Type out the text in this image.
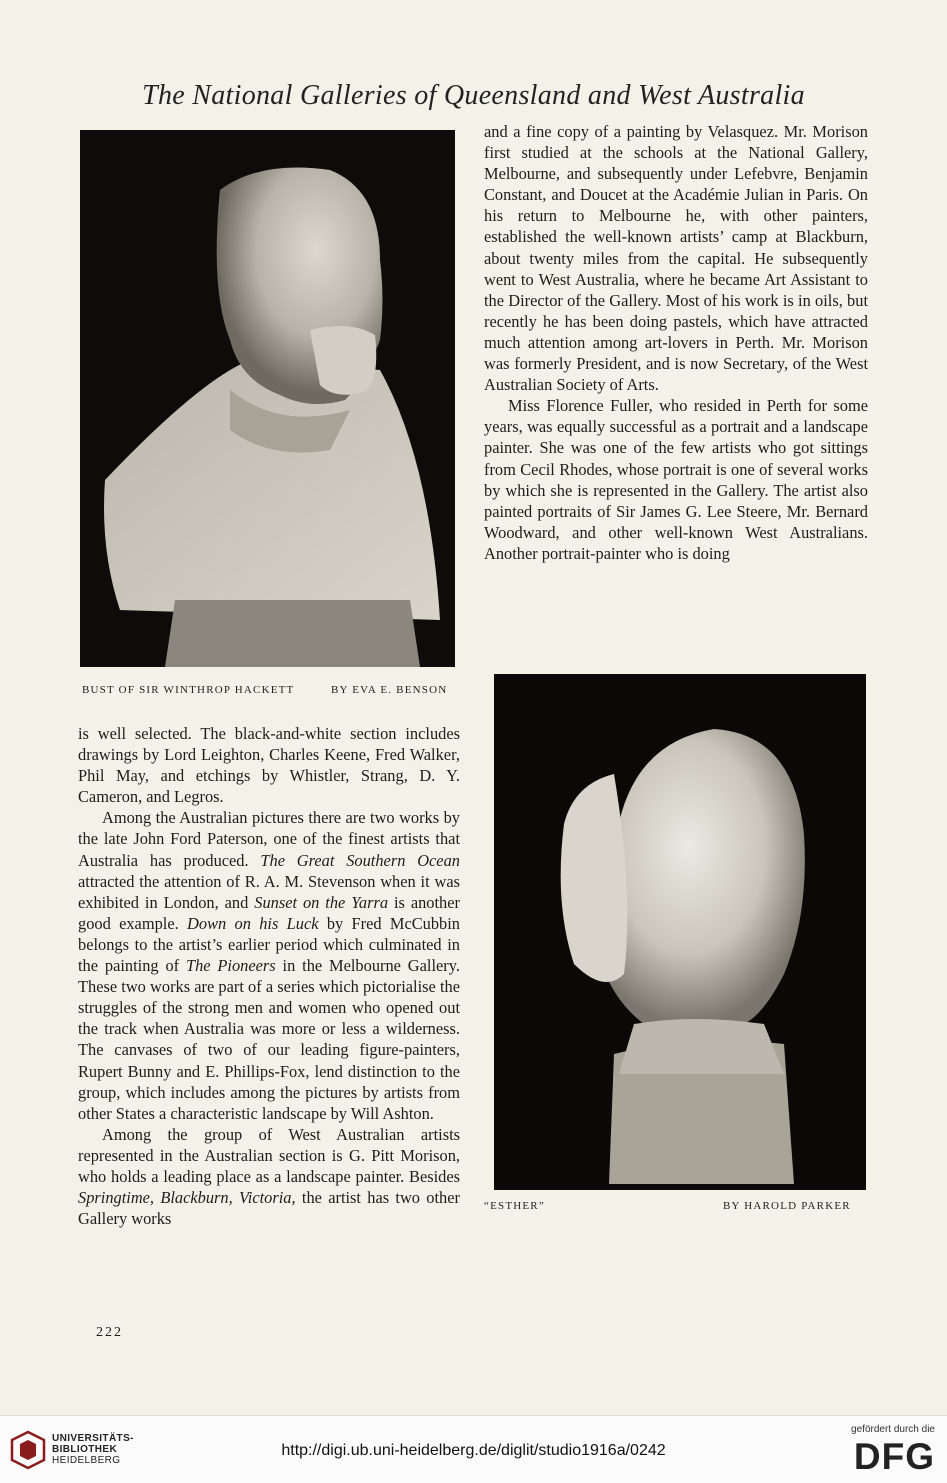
The National Galleries of Queensland and West Australia
BUST OF SIR WINTHROP HACKETT	BY EVA E. BENSON

and a fine copy of a painting by Velasquez. Mr. Morison first studied at the schools at the National Gallery, Melbourne, and subsequently under Lefebvre, Benjamin Constant, and Doucet at the Académie Julian in Paris. On his return to Melbourne he, with other painters, established the well-known artists’ camp at Blackburn, about twenty miles from the capital. He subsequently went to West Australia, where he became Art Assistant to the Director of the Gallery. Most of his work is in oils, but recently he has been doing pastels, which have attracted much attention among art-lovers in Perth. Mr. Morison was formerly President, and is now Secretary, of the West Australian Society of Arts.

Miss Florence Fuller, who resided in Perth for some years, was equally successful as a portrait and a landscape painter. She was one of the few artists who got sittings from Cecil Rhodes, whose portrait is one of several works by which she is represented in the Gallery. The artist also painted portraits of Sir James G. Lee Steere, Mr. Bernard Woodward, and other well-known West Australians. Another portrait-painter who is doing

“ESTHER”	BY HAROLD PARKER

is well selected. The black-and-white section includes drawings by Lord Leighton, Charles Keene, Fred Walker, Phil May, and etchings by Whistler, Strang, D. Y. Cameron, and Legros.

Among the Australian pictures there are two works by the late John Ford Paterson, one of the finest artists that Australia has produced. The Great Southern Ocean attracted the attention of R. A. M. Stevenson when it was exhibited in London, and Sunset on the Yarra is another good example. Down on his Luck by Fred McCubbin belongs to the artist’s earlier period which culminated in the painting of The Pioneers in the Melbourne Gallery. These two works are part of a series which pictorialise the struggles of the strong men and women who opened out the track when Australia was more or less a wilderness. The canvases of two of our leading figure-painters, Rupert Bunny and E. Phillips-Fox, lend distinction to the group, which includes among the pictures by artists from other States a characteristic landscape by Will Ashton.

Among the group of West Australian artists represented in the Australian section is G. Pitt Morison, who holds a leading place as a landscape painter. Besides Springtime, Blackburn, Victoria, the artist has two other Gallery works

222
UNIVERSITÄTS-
BIBLIOTHEK
HEIDELBERG
http://digi.ub.uni-heidelberg.de/diglit/studio1916a/0242
gefördert durch die
DFG
